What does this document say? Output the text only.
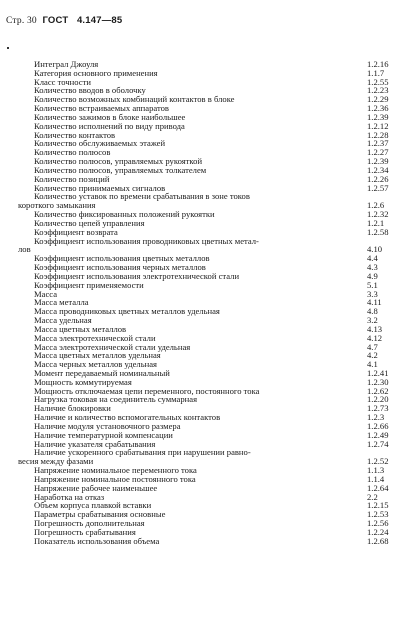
Стр. 30 ГОСТ 4.147—85
Интеграл Джоуля	1.2.16
Категория основного применения	1.1.7
Класс точности	1.2.55
Количество вводов в оболочку	1.2.23
Количество возможных комбинаций контактов в блоке	1.2.29
Количество встраиваемых аппаратов	1.2.36
Количество зажимов в блоке наибольшее	1.2.39
Количество исполнений по виду привода	1.2.12
Количество контактов	1.2.28
Количество обслуживаемых этажей	1.2.37
Количество полюсов	1.2.27
Количество полюсов, управляемых рукояткой	1.2.39
Количество полюсов, управляемых толкателем	1.2.34
Количество позиций	1.2.26
Количество принимаемых сигналов	1.2.57
Количество уставок по времени срабатывания в зоне токов
короткого замыкания	1.2.6
Количество фиксированных положений рукоятки	1.2.32
Количество цепей управления	1.2.1
Коэффициент возврата	1.2.58
Коэффициент использования проводниковых цветных метал-
лов	4.10
Коэффициент использования цветных металлов	4.4
Коэффициент использования черных металлов	4.3
Коэффициент использования электротехнической стали	4.9
Коэффициент применяемости	5.1
Масса	3.3
Масса металла	4.11
Масса проводниковых цветных металлов удельная	4.8
Масса удельная	3.2
Масса цветных металлов	4.13
Масса электротехнической стали	4.12
Масса электротехнической стали удельная	4.7
Масса цветных металлов удельная	4.2
Масса черных металлов удельная	4.1
Момент передаваемый номинальный	1.2.41
Мощность коммутируемая	1.2.30
Мощность отключаемая цепи переменного, постоянного тока	1.2.62
Нагрузка токовая на соединитель суммарная	1.2.20
Наличие блокировки	1.2.73
Наличие и количество вспомогательных контактов	1.2.3
Наличие модуля установочного размера	1.2.66
Наличие температурной компенсации	1.2.49
Наличие указателя срабатывания	1.2.74
Наличие ускоренного срабатывания при нарушении равно-
весия между фазами	1.2.52
Напряжение номинальное переменного тока	1.1.3
Напряжение номинальное постоянного тока	1.1.4
Напряжение рабочее наименьшее	1.2.64
Наработка на отказ	2.2
Объем корпуса плавкой вставки	1.2.15
Параметры срабатывания основные	1.2.53
Погрешность дополнительная	1.2.56
Погрешность срабатывания	1.2.24
Показатель использования объема	1.2.68
